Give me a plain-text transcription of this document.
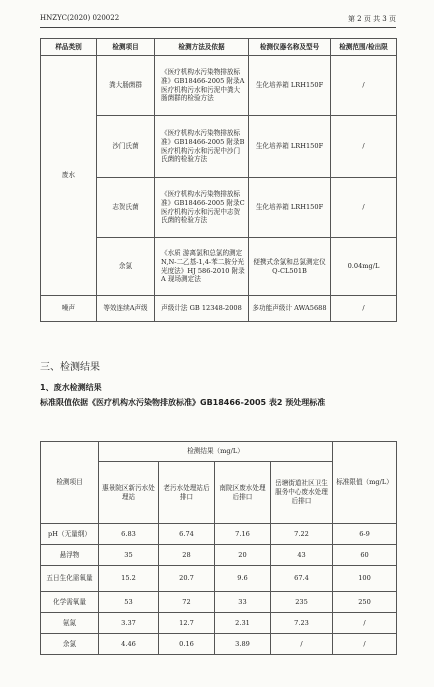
HNZYC(2020) 020022	第 2 页 共 3 页
样品类别	检测项目	检测方法及依据	检测仪器名称及型号	检测范围/检出限
废水	粪大肠菌群	《医疗机构水污染物排放标准》GB18466-2005 附录A 医疗机构污水和污泥中粪大肠菌群的检验方法	生化培养箱 LRH150F	/
	沙门氏菌	《医疗机构水污染物排放标准》GB18466-2005 附录B 医疗机构污水和污泥中沙门氏菌的检验方法	生化培养箱 LRH150F	/
	志贺氏菌	《医疗机构水污染物排放标准》GB18466-2005 附录C 医疗机构污水和污泥中志贺氏菌的检验方法	生化培养箱 LRH150F	/
	余氯	《水质 游离氯和总氯的测定 N,N-二乙基-1,4-苯二胺分光光度法》HJ 586-2010 附录A 现场测定法	便携式余氯和总氯测定仪 Q-CL501B	0.04mg/L
噪声	等效连续A声级	声级计法 GB 12348-2008	多功能声级计 AWA5688	/
三、检测结果
1、废水检测结果
标准限值依据《医疗机构水污染物排放标准》GB18466-2005 表2 预处理标准
检测项目	检测结果（mg/L）				标准限值（mg/L）
	惠景院区新污水处理站	老污水处理站后排口	南院区废水处理后排口	岳塘街道社区卫生服务中心废水处理后排口	
pH（无量纲）	6.83	6.74	7.16	7.22	6-9
悬浮物	35	28	20	43	60
五日生化需氧量	15.2	20.7	9.6	67.4	100
化学需氧量	53	72	33	235	250
氨氮	3.37	12.7	2.31	7.23	/
余氯	4.46	0.16	3.89	/	/
